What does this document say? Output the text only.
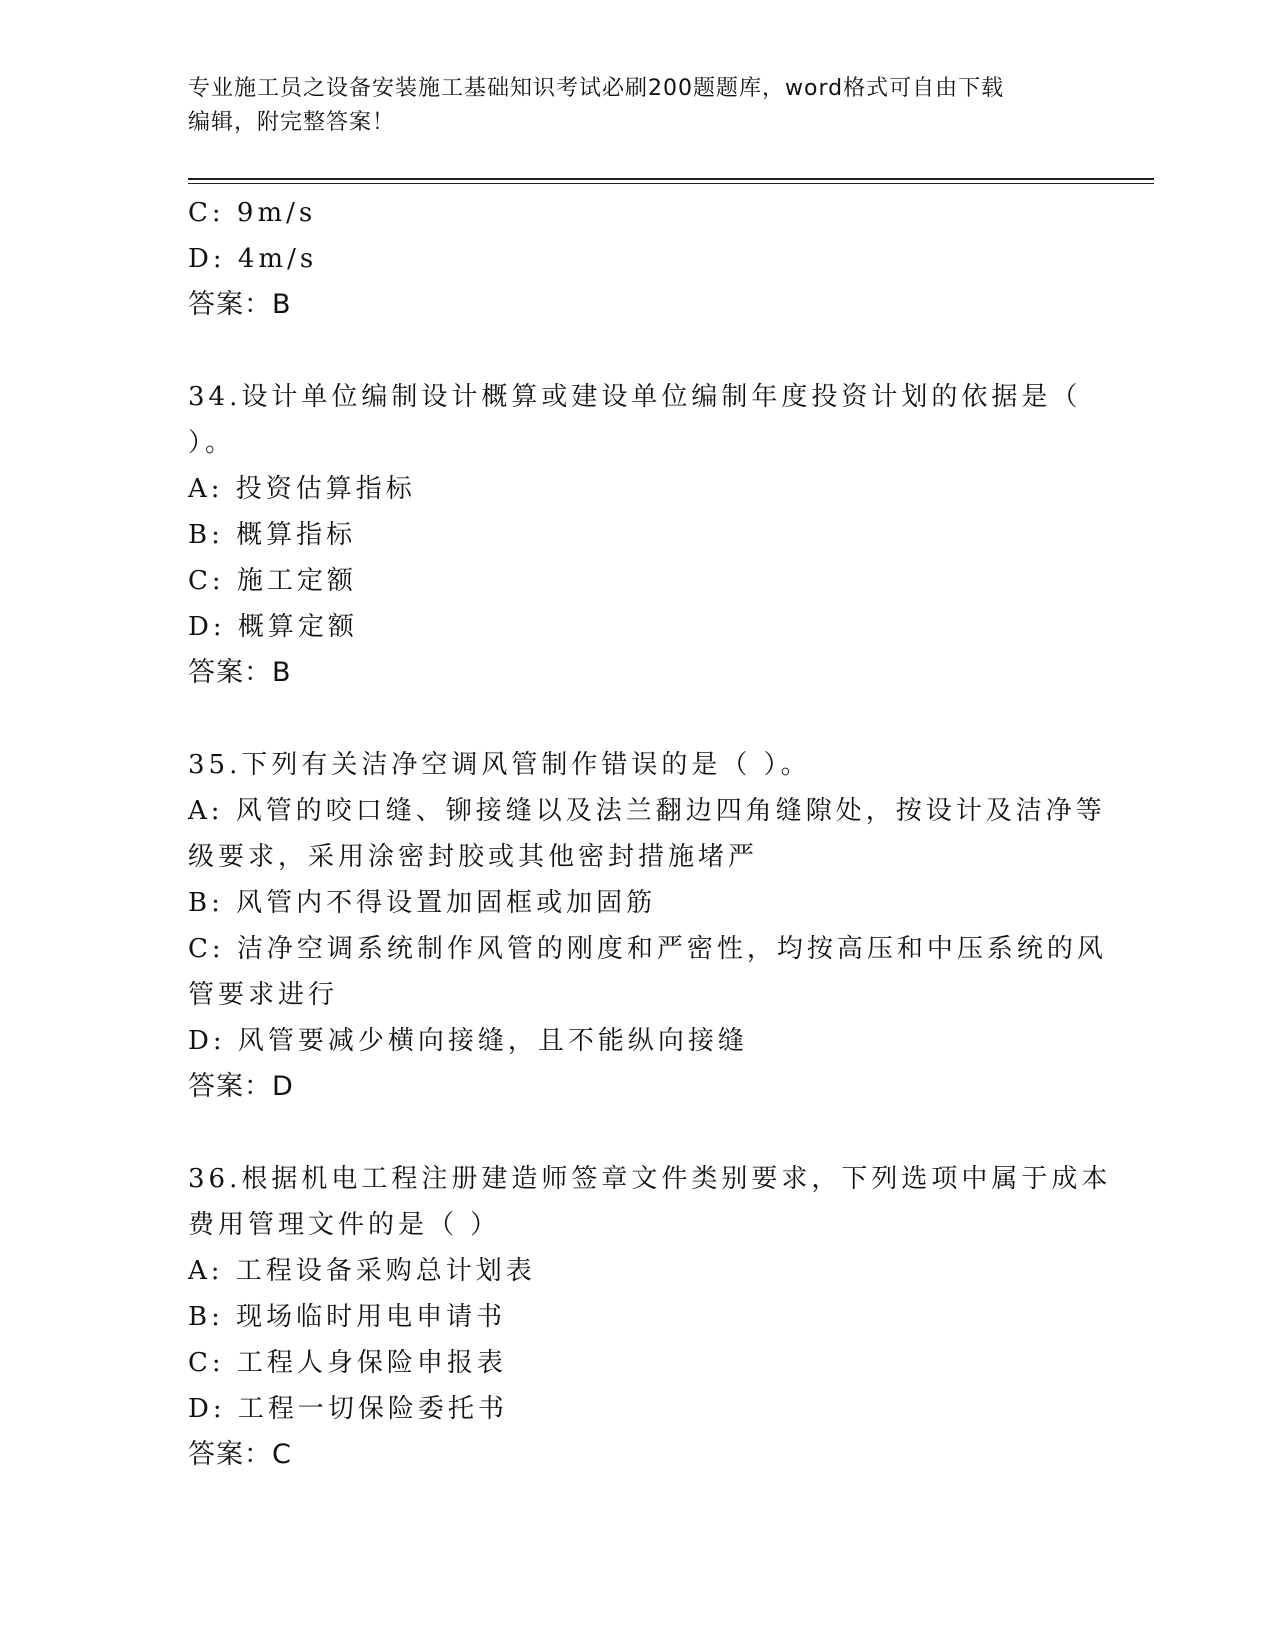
专业施工员之设备安装施工基础知识考试必刷200题题库，word格式可自由下载
编辑，附完整答案！
C: 9m/s
D: 4m/s
答案：B
34.设计单位编制设计概算或建设单位编制年度投资计划的依据是（
）。
A: 投资估算指标
B: 概算指标
C: 施工定额
D: 概算定额
答案：B
35.下列有关洁净空调风管制作错误的是（ ）。
A: 风管的咬口缝、铆接缝以及法兰翻边四角缝隙处，按设计及洁净等
级要求，采用涂密封胶或其他密封措施堵严
B: 风管内不得设置加固框或加固筋
C: 洁净空调系统制作风管的刚度和严密性，均按高压和中压系统的风
管要求进行
D: 风管要减少横向接缝，且不能纵向接缝
答案：D
36.根据机电工程注册建造师签章文件类别要求，下列选项中属于成本
费用管理文件的是（ ）
A: 工程设备采购总计划表
B: 现场临时用电申请书
C: 工程人身保险申报表
D: 工程一切保险委托书
答案：C
